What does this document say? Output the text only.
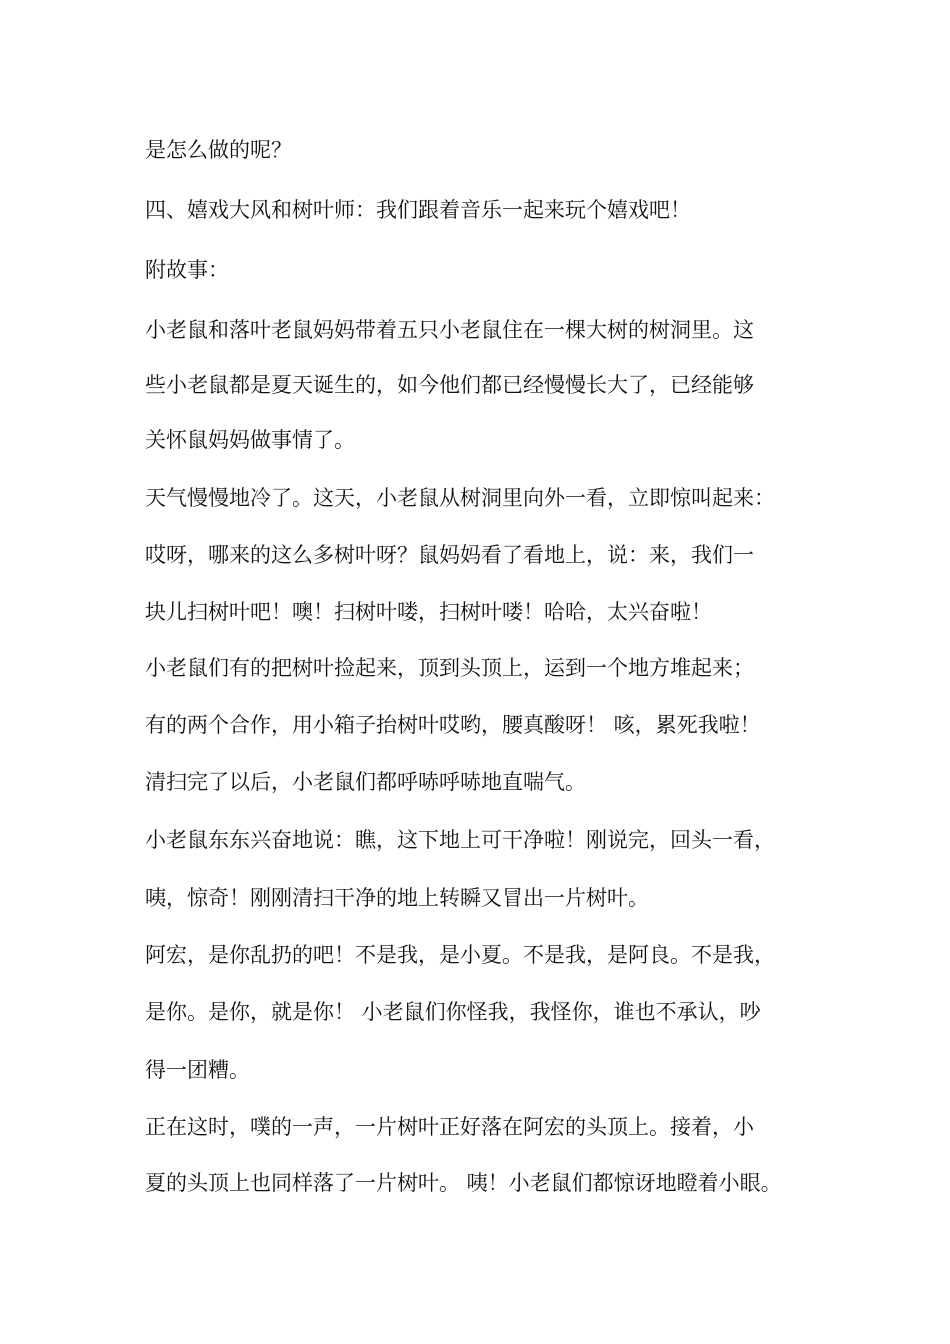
是怎么做的呢？
四、嬉戏大风和树叶师：我们跟着音乐一起来玩个嬉戏吧！
附故事：
小老鼠和落叶老鼠妈妈带着五只小老鼠住在一棵大树的树洞里。这
些小老鼠都是夏天诞生的，如今他们都已经慢慢长大了，已经能够
关怀鼠妈妈做事情了。
天气慢慢地冷了。这天，小老鼠从树洞里向外一看，立即惊叫起来：
哎呀，哪来的这么多树叶呀？鼠妈妈看了看地上，说：来，我们一
块儿扫树叶吧！噢！扫树叶喽，扫树叶喽！哈哈，太兴奋啦！
小老鼠们有的把树叶捡起来，顶到头顶上，运到一个地方堆起来；
有的两个合作，用小箱子抬树叶哎哟，腰真酸呀！ 咳，累死我啦！
清扫完了以后，小老鼠们都呼哧呼哧地直喘气。
小老鼠东东兴奋地说：瞧，这下地上可干净啦！刚说完，回头一看，
咦，惊奇！刚刚清扫干净的地上转瞬又冒出一片树叶。
阿宏，是你乱扔的吧！不是我，是小夏。不是我，是阿良。不是我，
是你。是你，就是你！ 小老鼠们你怪我，我怪你，谁也不承认，吵
得一团糟。
正在这时，噗的一声，一片树叶正好落在阿宏的头顶上。接着，小
夏的头顶上也同样落了一片树叶。 咦！小老鼠们都惊讶地瞪着小眼。
